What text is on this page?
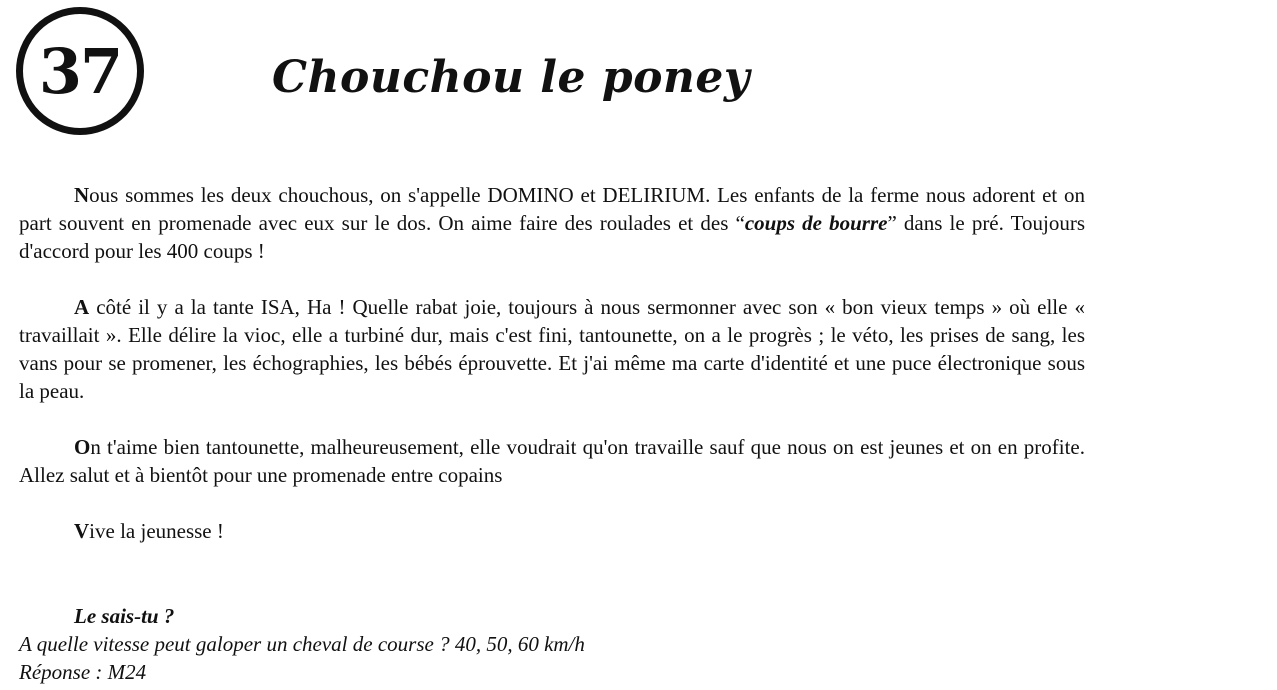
37	Chouchou le poney

Nous sommes les deux chouchous, on s'appelle DOMINO et DELIRIUM. Les enfants de la ferme nous adorent et on part souvent en promenade avec eux sur le dos. On aime faire des roulades et des “coups de bourre” dans le pré. Toujours d'accord pour les 400 coups !

A côté il y a la tante ISA, Ha ! Quelle rabat joie, toujours à nous sermonner avec son « bon vieux temps » où elle « travaillait ». Elle délire la vioc, elle a turbiné dur, mais c'est fini, tantounette, on a le progrès ; le véto, les prises de sang, les vans pour se promener, les échographies, les bébés éprouvette. Et j'ai même ma carte d'identité et une puce électronique sous la peau.

On t'aime bien tantounette, malheureusement, elle voudrait qu'on travaille sauf que nous on est jeunes et on en profite. Allez salut et à bientôt pour une promenade entre copains

Vive la jeunesse !

Le sais-tu ?

A quelle vitesse peut galoper un cheval de course ? 40, 50, 60 km/h

Réponse : M24
